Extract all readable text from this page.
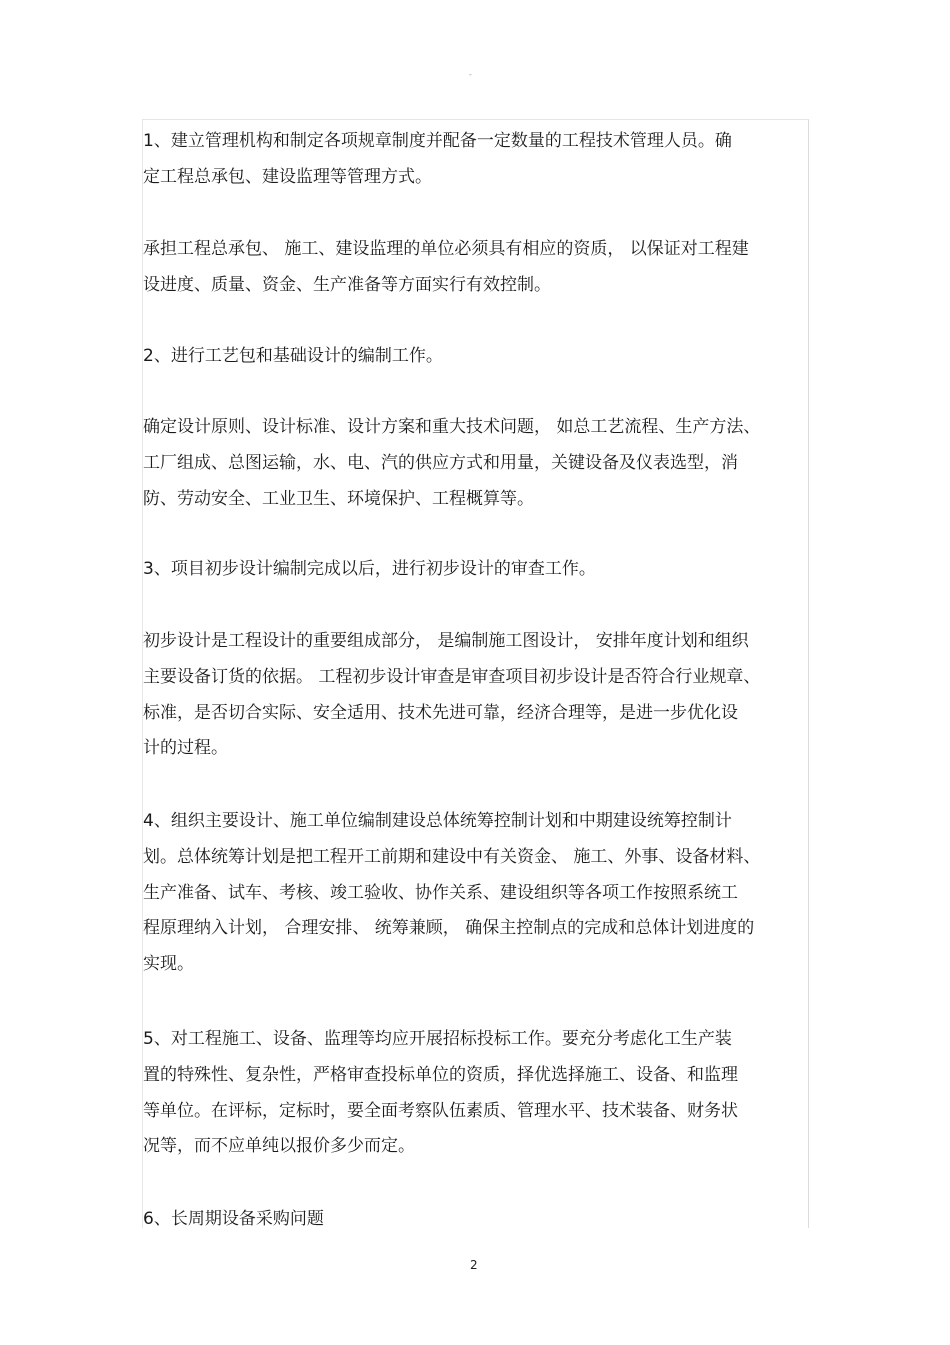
-
1、建立管理机构和制定各项规章制度并配备一定数量的工程技术管理人员。确
定工程总承包、建设监理等管理方式。
承担工程总承包、 施工、建设监理的单位必须具有相应的资质， 以保证对工程建
设进度、质量、资金、生产准备等方面实行有效控制。
2、进行工艺包和基础设计的编制工作。
确定设计原则、设计标准、设计方案和重大技术问题， 如总工艺流程、生产方法、
工厂组成、总图运输，水、电、汽的供应方式和用量，关键设备及仪表选型，消
防、劳动安全、工业卫生、环境保护、工程概算等。
3、项目初步设计编制完成以后，进行初步设计的审查工作。
初步设计是工程设计的重要组成部分， 是编制施工图设计， 安排年度计划和组织
主要设备订货的依据。 工程初步设计审查是审查项目初步设计是否符合行业规章、
标准，是否切合实际、安全适用、技术先进可靠，经济合理等，是进一步优化设
计的过程。
4、组织主要设计、施工单位编制建设总体统筹控制计划和中期建设统筹控制计
划。总体统筹计划是把工程开工前期和建设中有关资金、 施工、外事、设备材料、
生产准备、试车、考核、竣工验收、协作关系、建设组织等各项工作按照系统工
程原理纳入计划， 合理安排、 统筹兼顾， 确保主控制点的完成和总体计划进度的
实现。
5、对工程施工、设备、监理等均应开展招标投标工作。要充分考虑化工生产装
置的特殊性、复杂性，严格审查投标单位的资质，择优选择施工、设备、和监理
等单位。在评标，定标时，要全面考察队伍素质、管理水平、技术装备、财务状
况等，而不应单纯以报价多少而定。
6、长周期设备采购问题
2
